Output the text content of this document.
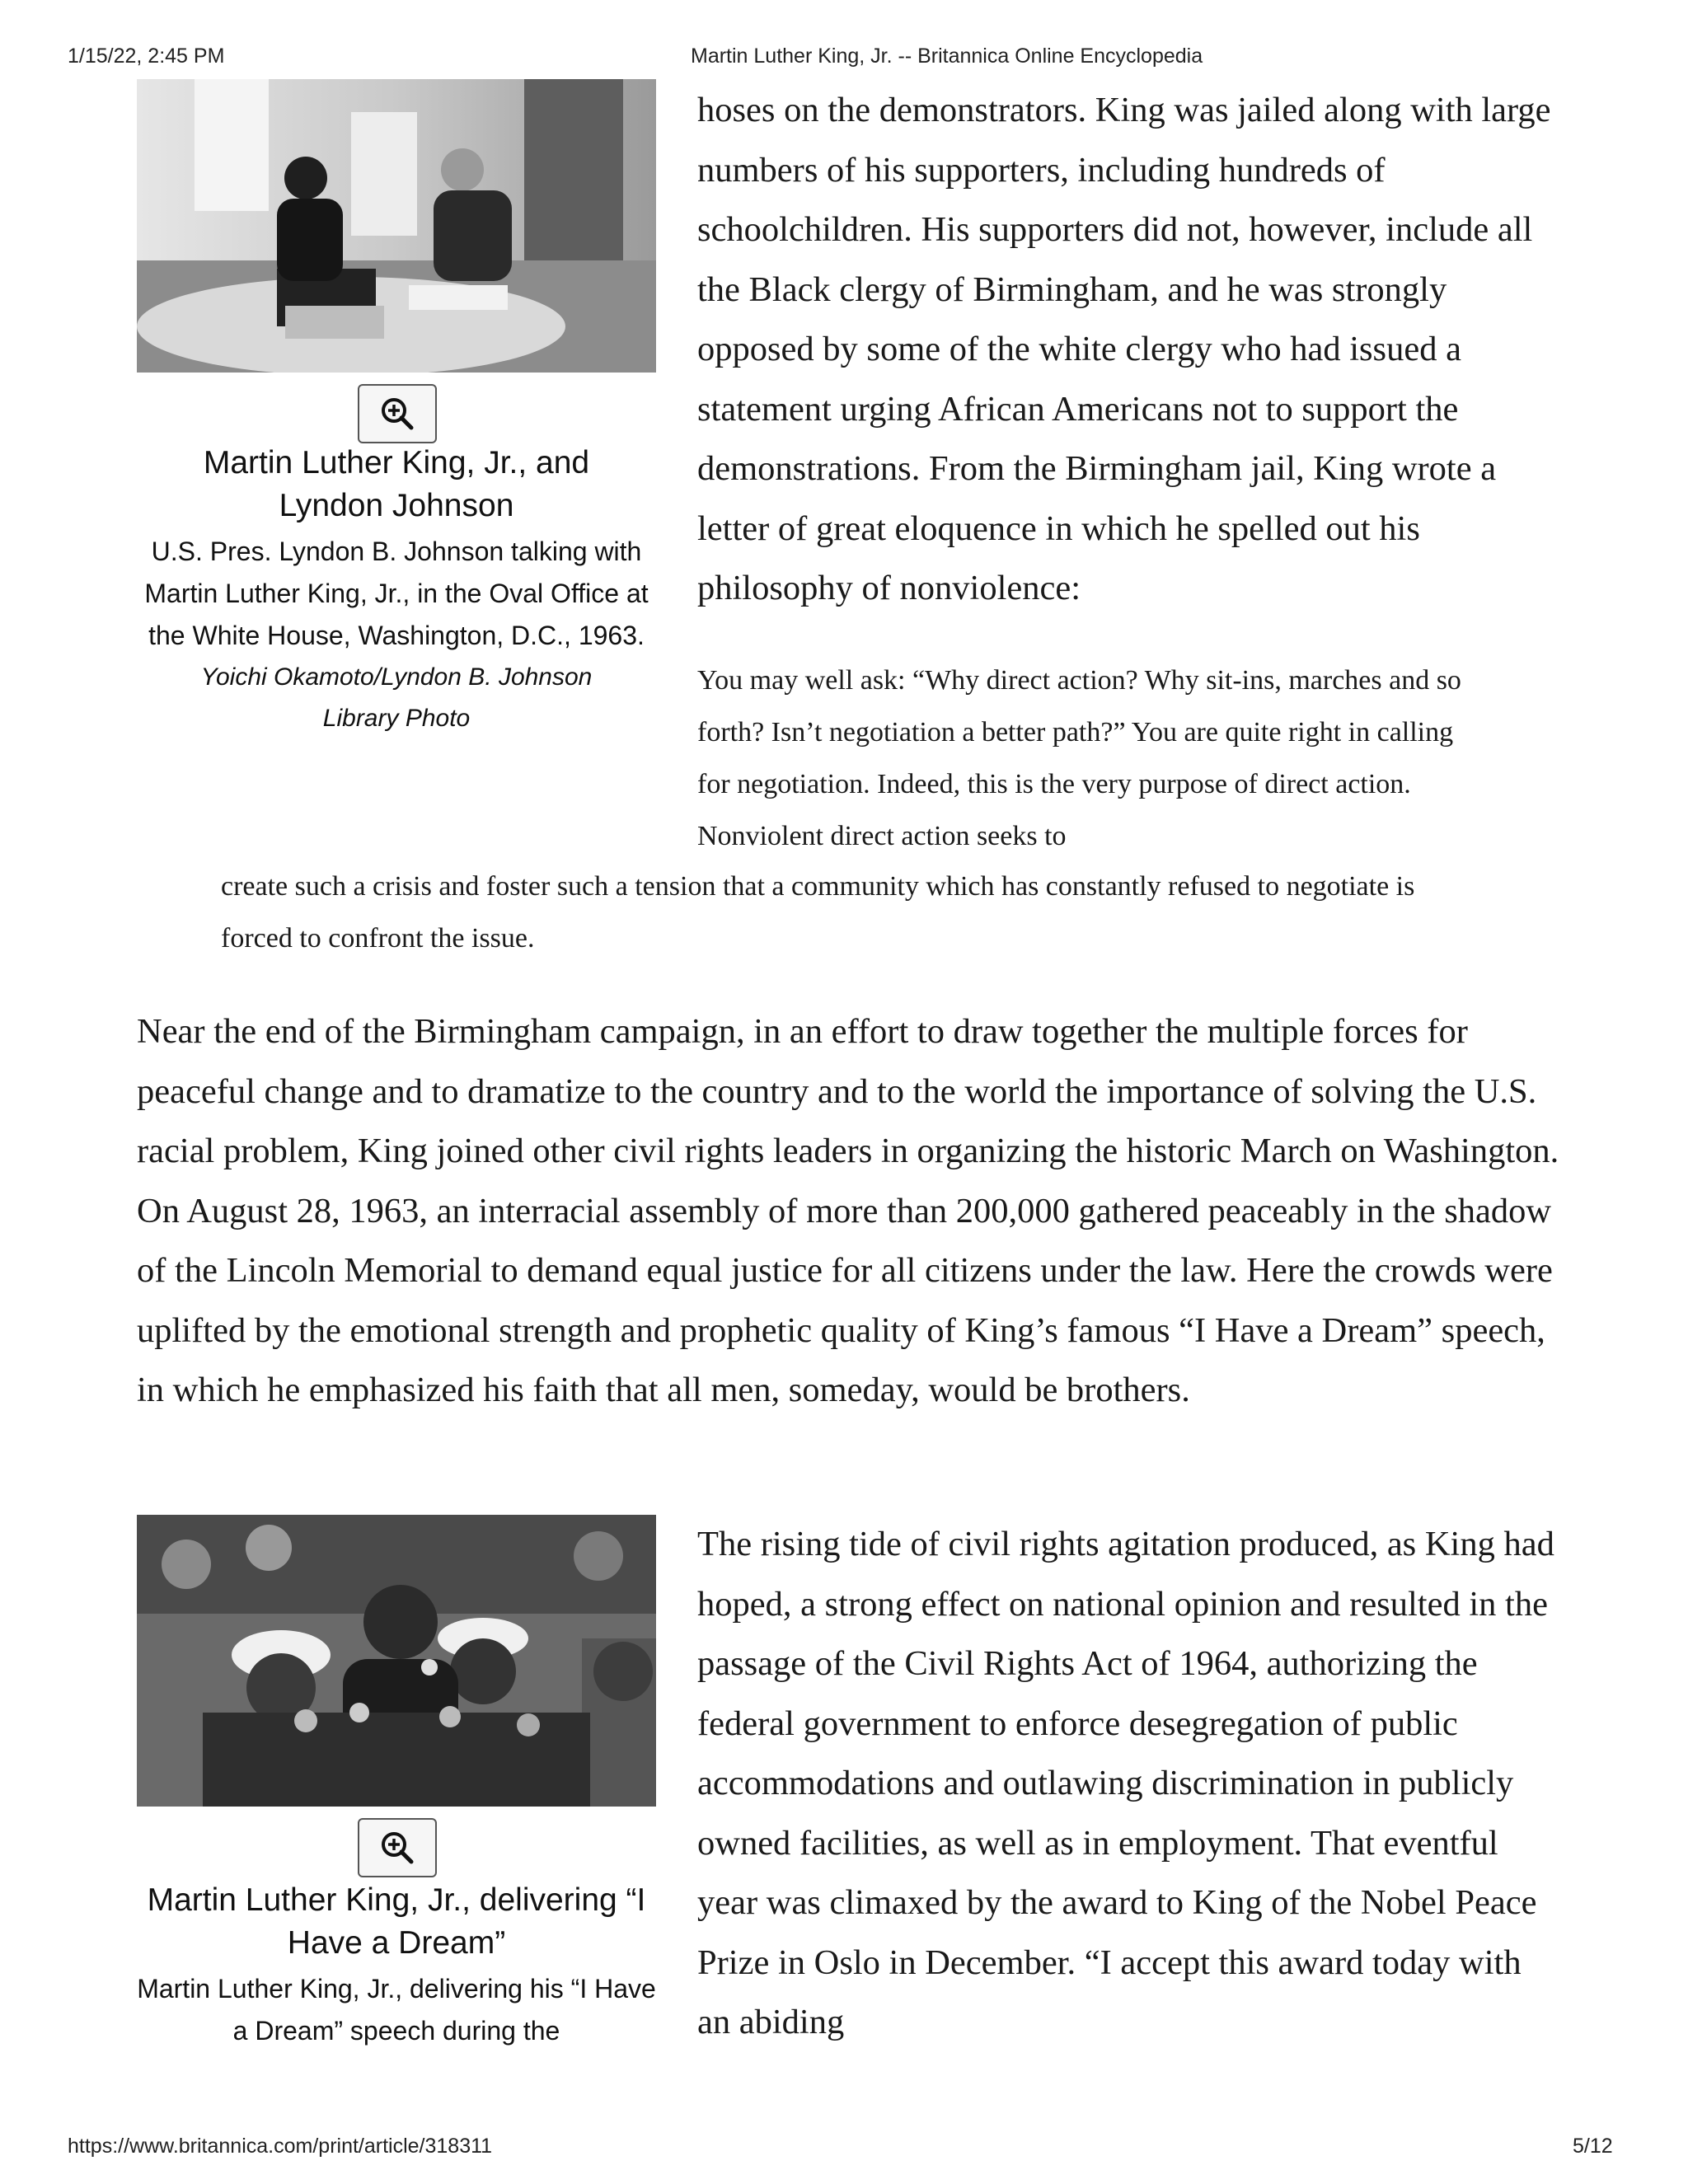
1/15/22, 2:45 PM	Martin Luther King, Jr. -- Britannica Online Encyclopedia
Martin Luther King, Jr., and Lyndon Johnson
U.S. Pres. Lyndon B. Johnson talking with Martin Luther King, Jr., in the Oval Office at the White House, Washington, D.C., 1963.
Yoichi Okamoto/Lyndon B. Johnson Library Photo

hoses on the demonstrators. King was jailed along with large numbers of his supporters, including hundreds of schoolchildren. His supporters did not, however, include all the Black clergy of Birmingham, and he was strongly opposed by some of the white clergy who had issued a statement urging African Americans not to support the demonstrations. From the Birmingham jail, King wrote a letter of great eloquence in which he spelled out his philosophy of nonviolence:

You may well ask: “Why direct action? Why sit-ins, marches and so forth? Isn’t negotiation a better path?” You are quite right in calling for negotiation. Indeed, this is the very purpose of direct action. Nonviolent direct action seeks to

create such a crisis and foster such a tension that a community which has constantly refused to negotiate is forced to confront the issue.

Near the end of the Birmingham campaign, in an effort to draw together the multiple forces for peaceful change and to dramatize to the country and to the world the importance of solving the U.S. racial problem, King joined other civil rights leaders in organizing the historic March on Washington. On August 28, 1963, an interracial assembly of more than 200,000 gathered peaceably in the shadow of the Lincoln Memorial to demand equal justice for all citizens under the law. Here the crowds were uplifted by the emotional strength and prophetic quality of King’s famous “I Have a Dream” speech, in which he emphasized his faith that all men, someday, would be brothers.

Martin Luther King, Jr., delivering “I Have a Dream”
Martin Luther King, Jr., delivering his “I Have a Dream” speech during the

The rising tide of civil rights agitation produced, as King had hoped, a strong effect on national opinion and resulted in the passage of the Civil Rights Act of 1964, authorizing the federal government to enforce desegregation of public accommodations and outlawing discrimination in publicly owned facilities, as well as in employment. That eventful year was climaxed by the award to King of the Nobel Peace Prize in Oslo in December. “I accept this award today with an abiding

https://www.britannica.com/print/article/318311	5/12
